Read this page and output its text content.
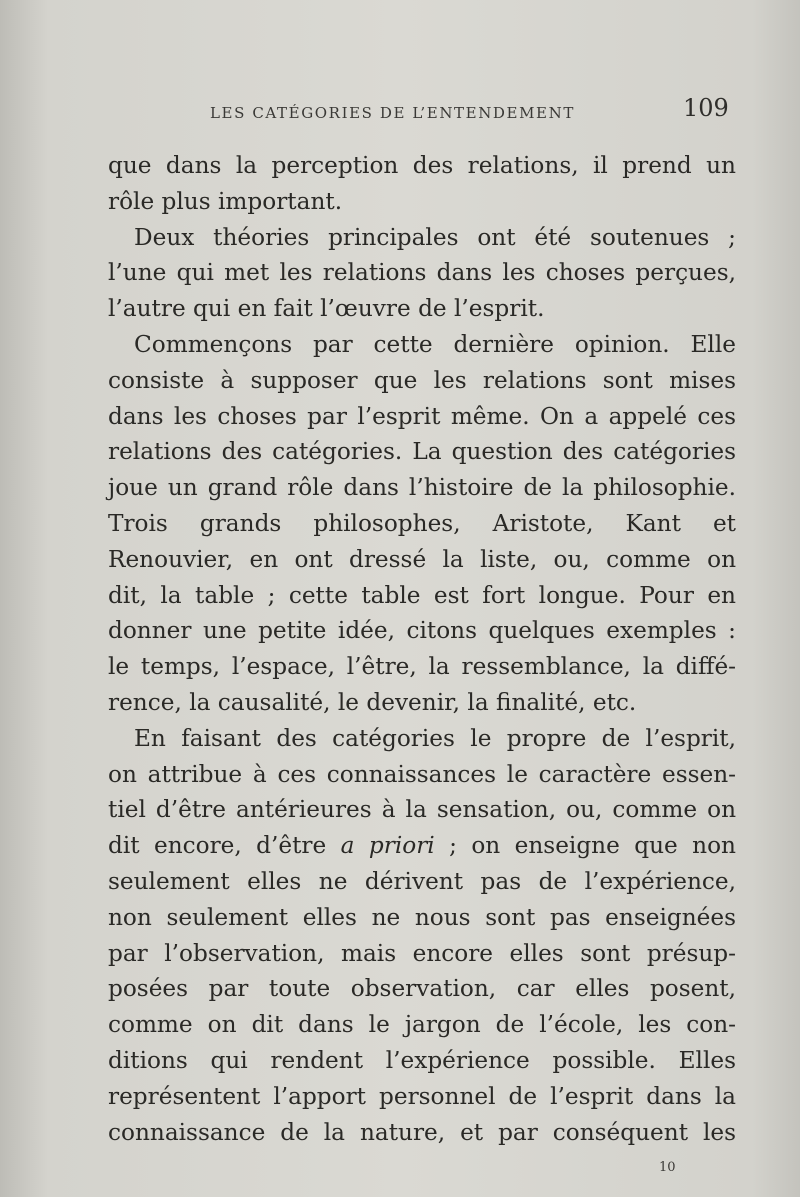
LES CATÉGORIES DE L’ENTENDEMENT	109
que dans la perception des relations, il prend un
rôle plus important.
Deux théories principales ont été soutenues ;
l’une qui met les relations dans les choses perçues,
l’autre qui en fait l’œuvre de l’esprit.
Commençons par cette dernière opinion. Elle
consiste à supposer que les relations sont mises
dans les choses par l’esprit même. On a appelé ces
relations des catégories. La question des catégories
joue un grand rôle dans l’histoire de la philosophie.
Trois grands philosophes, Aristote, Kant et
Renouvier, en ont dressé la liste, ou, comme on
dit, la table ; cette table est fort longue. Pour en
donner une petite idée, citons quelques exemples :
le temps, l’espace, l’être, la ressemblance, la diffé-
rence, la causalité, le devenir, la finalité, etc.
En faisant des catégories le propre de l’esprit,
on attribue à ces connaissances le caractère essen-
tiel d’être antérieures à la sensation, ou, comme on
dit encore, d’être a priori ; on enseigne que non
seulement elles ne dérivent pas de l’expérience,
non seulement elles ne nous sont pas enseignées
par l’observation, mais encore elles sont présup-
posées par toute observation, car elles posent,
comme on dit dans le jargon de l’école, les con-
ditions qui rendent l’expérience possible. Elles
représentent l’apport personnel de l’esprit dans la
connaissance de la nature, et par conséquent les
10
